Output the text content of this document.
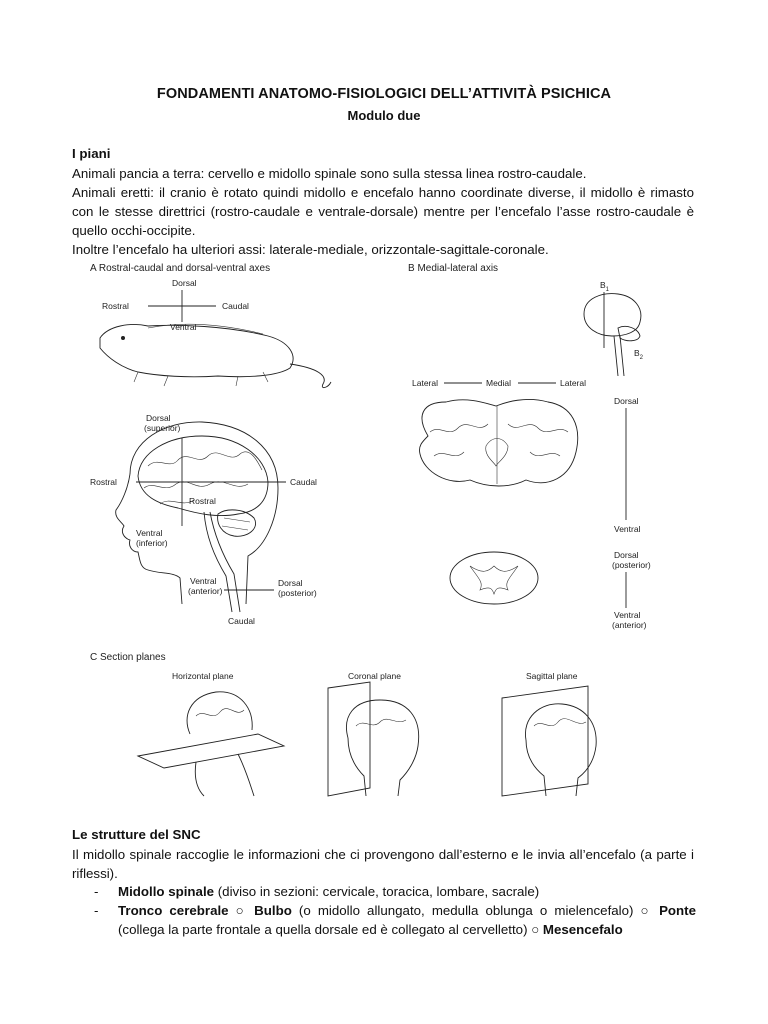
FONDAMENTI ANATOMO-FISIOLOGICI DELL’ATTIVITÀ PSICHICA
Modulo due
I piani
Animali pancia a terra: cervello e midollo spinale sono sulla stessa linea rostro-caudale.
Animali eretti: il cranio è rotato quindi midollo e encefalo hanno coordinate diverse, il midollo è rimasto con le stesse direttrici (rostro-caudale e ventrale-dorsale) mentre per l’encefalo l’asse rostro-caudale è quello occhi-occipite.
Inoltre l’encefalo ha ulteriori assi: laterale-mediale, orizzontale-sagittale-coronale.
A Rostral-caudal and dorsal-ventral axes
Dorsal
Rostral	Caudal
Ventral
Dorsal
(superior)
Rostral	Caudal
Rostral
Ventral
(inferior)
Ventral
(anterior)
Dorsal
(posterior)
Caudal
B Medial-lateral axis
$B_1$
$B_2$
Lateral	Medial	Lateral
Dorsal
Ventral
Dorsal
(posterior)
Ventral
(anterior)
C Section planes
Horizontal plane	Coronal plane	Sagittal plane
Le strutture del SNC
Il midollo spinale raccoglie le informazioni che ci provengono dall’esterno e le invia all’encefalo (a parte i riflessi).
- Midollo spinale (diviso in sezioni: cervicale, toracica, lombare, sacrale)
- Tronco cerebrale ○ Bulbo (o midollo allungato, medulla oblunga o mielencefalo) ○ Ponte (collega la parte frontale a quella dorsale ed è collegato al cervelletto) ○ Mesencefalo
